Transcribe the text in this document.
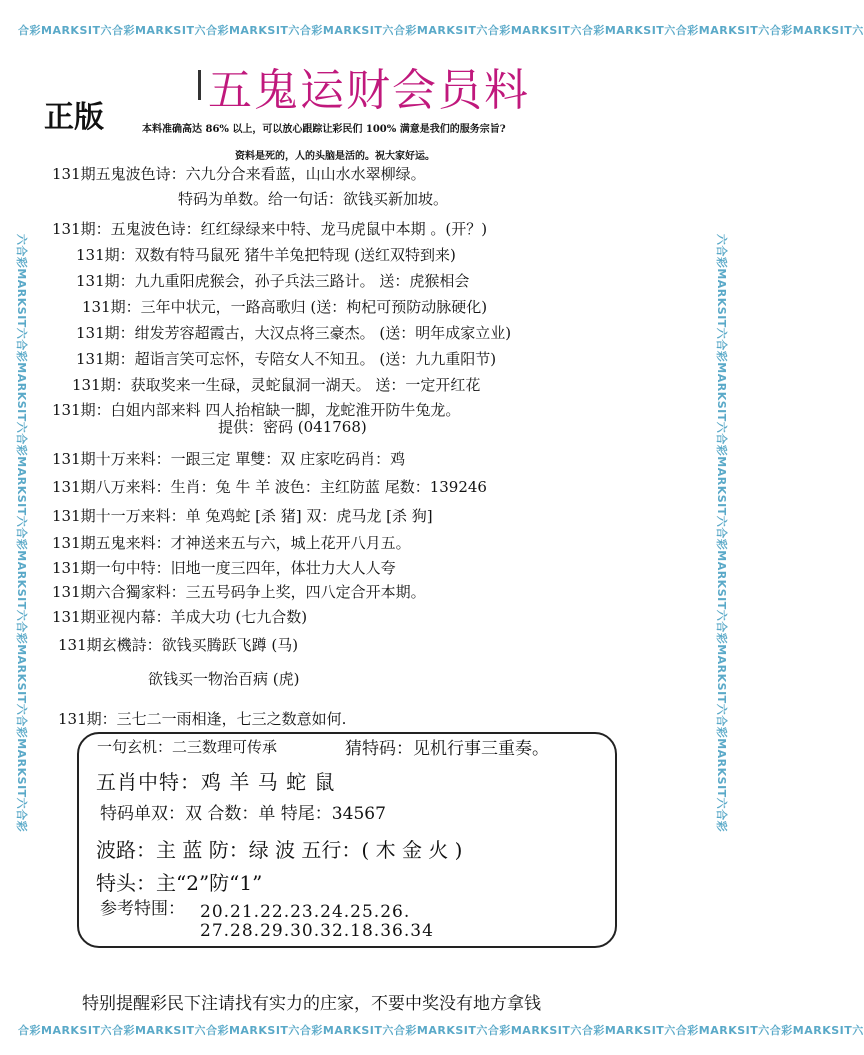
合彩MARKSIT六合彩MARKSIT六合彩MARKSIT六合彩MARKSIT六合彩MARKSIT六合彩MARKSIT六合彩MARKSIT六合彩MARKSIT六合彩MARKSIT六
合彩MARKSIT六合彩MARKSIT六合彩MARKSIT六合彩MARKSIT六合彩MARKSIT六合彩MARKSIT六合彩MARKSIT六合彩MARKSIT六合彩MARKSIT六
六合彩MARKSIT六合彩MARKSIT六合彩MARKSIT六合彩MARKSIT六合彩MARKSIT六合彩MARKSIT六合彩	六合彩MARKSIT六合彩MARKSIT六合彩MARKSIT六合彩MARKSIT六合彩MARKSIT六合彩MARKSIT六合彩
正版
五鬼运财会员料
本料准确高达 86% 以上，可以放心跟踪让彩民们 100% 满意是我们的服务宗旨?
资料是死的，人的头脑是活的。祝大家好运。
131期五鬼波色诗：六九分合来看蓝，山山水水翠柳绿。
特码为单数。给一句话：欲钱买新加坡。
131期：五鬼波色诗：红红绿绿来中特、龙马虎鼠中本期 。(开？)
131期：双数有特马鼠死 猪牛羊兔把特现 (送红双特到来)
131期：九九重阳虎猴会，孙子兵法三路计。 送：虎猴相会
131期：三年中状元，一路高歌归 (送：枸杞可预防动脉硬化)
131期：绀发芳容超霞古，大汉点将三豪杰。 (送：明年成家立业)
131期：超诣言笑可忘怀，专陪女人不知丑。 (送：九九重阳节)
131期：获取奖来一生碌，灵蛇鼠洞一湖天。 送：一定开红花
131期：白姐内部来料 四人抬棺缺一脚，龙蛇淮开防牛兔龙。
提供：密码 (041768)
131期十万来料：一跟三定 單雙：双 庄家吃码肖：鸡
131期八万来料：生肖：兔 牛 羊 波色：主红防蓝 尾数：139246
131期十一万来料：单 兔鸡蛇 [杀 猪] 双：虎马龙 [杀 狗]
131期五鬼来料：才神送来五与六，城上花开八月五。
131期一句中特：旧地一度三四年，体壮力大人人夸
131期六合獨家料：三五号码争上奖，四八定合开本期。
131期亚视内幕：羊成大功 (七九合数)
131期玄機詩：欲钱买腾跃飞蹲 (马)
欲钱买一物治百病 (虎)
131期：三七二一雨相逢，七三之数意如何.
一句玄机：二三数理可传承	猜特码：见机行事三重奏。
五肖中特：鸡 羊 马 蛇 鼠
特码单双：双 合数：单 特尾：34567
波路：主 蓝 防：绿 波 五行：( 木 金 火 )
特头：主“2”防“1”
参考特围： 20.21.22.23.24.25.26.
27.28.29.30.32.18.36.34
特别提醒彩民下注请找有实力的庄家，不要中奖没有地方拿钱
